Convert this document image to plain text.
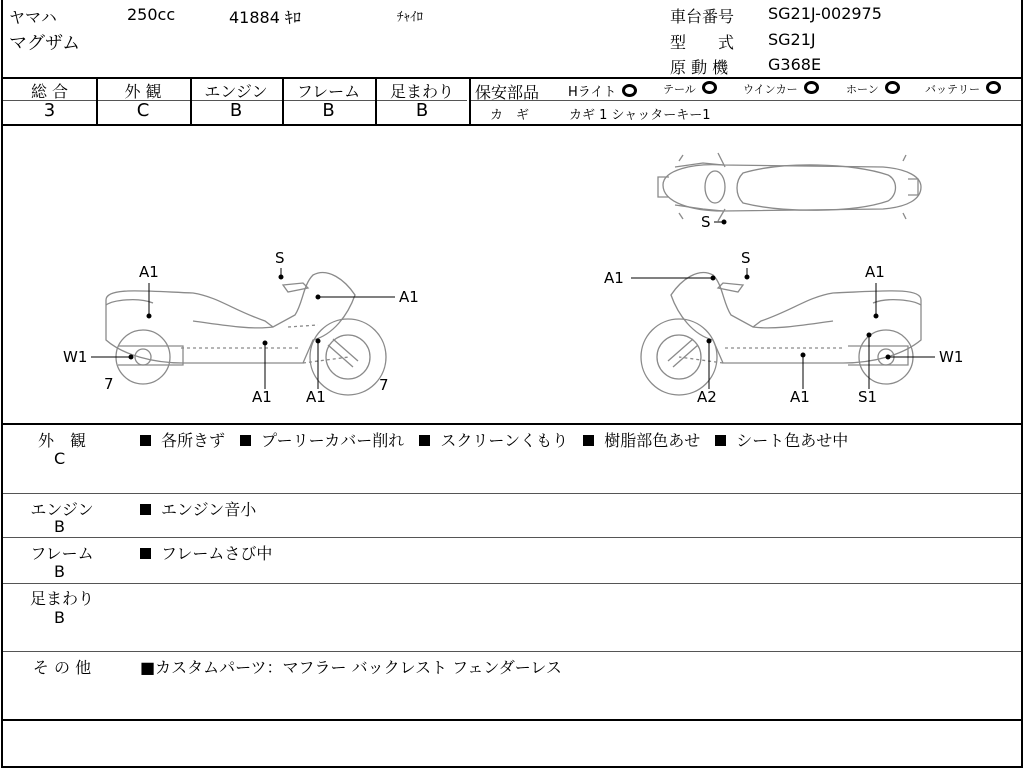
ヤマハ	250cc	41884 ｷﾛ	ﾁｬｲﾛ
マグザム
車台番号 SG21J-002975
型　　式 SG21J
原 動 機 G368E
総 合
3
外 観
C
エンジン
B
フレーム
B
足まわり
B
保安部品 Hライト	テール	ウインカー	ホーン	バッテリー
カ　ギ	カギ 1 シャッターキー1
S
A1
S
A1
W1
7
A1 A1
7
A1
S
A1
W1
A2	A1	S1
外　観
C
各所きず プーリーカバー削れ スクリーンくもり 樹脂部色あせ シート色あせ中
エンジン
B
エンジン音小
フレーム
B
フレームさび中
足まわり
B
そ の 他	■カスタムパーツ：マフラー バックレスト フェンダーレス
